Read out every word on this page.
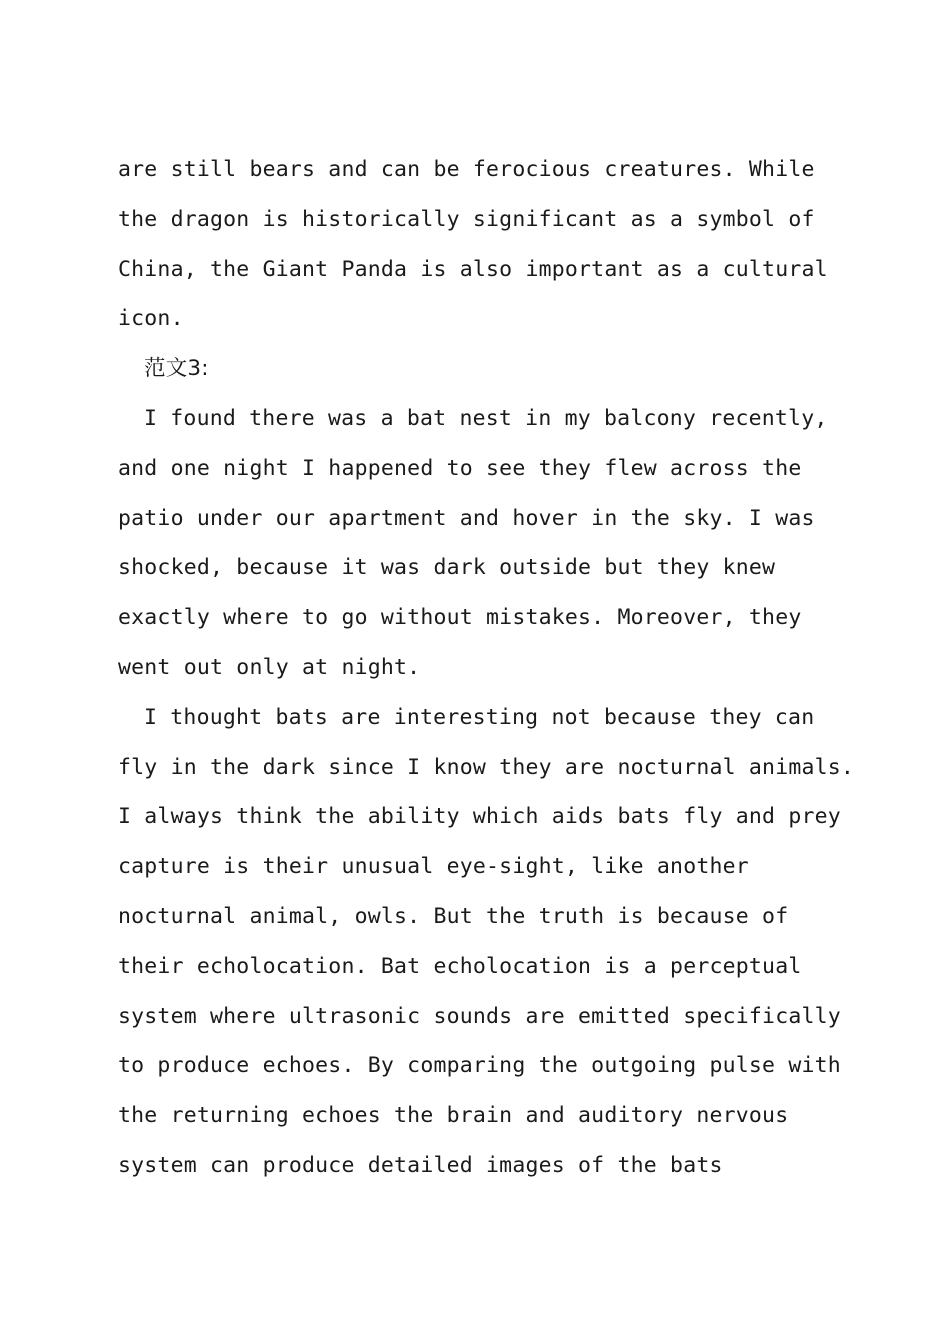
are still bears and can be ferocious creatures. While
the dragon is historically significant as a symbol of
China, the Giant Panda is also important as a cultural
icon.
范文3:
I found there was a bat nest in my balcony recently,
and one night I happened to see they flew across the
patio under our apartment and hover in the sky. I was
shocked, because it was dark outside but they knew
exactly where to go without mistakes. Moreover, they
went out only at night.
I thought bats are interesting not because they can
fly in the dark since I know they are nocturnal animals.
I always think the ability which aids bats fly and prey
capture is their unusual eye-sight, like another
nocturnal animal, owls. But the truth is because of
their echolocation. Bat echolocation is a perceptual
system where ultrasonic sounds are emitted specifically
to produce echoes. By comparing the outgoing pulse with
the returning echoes the brain and auditory nervous
system can produce detailed images of the bats
